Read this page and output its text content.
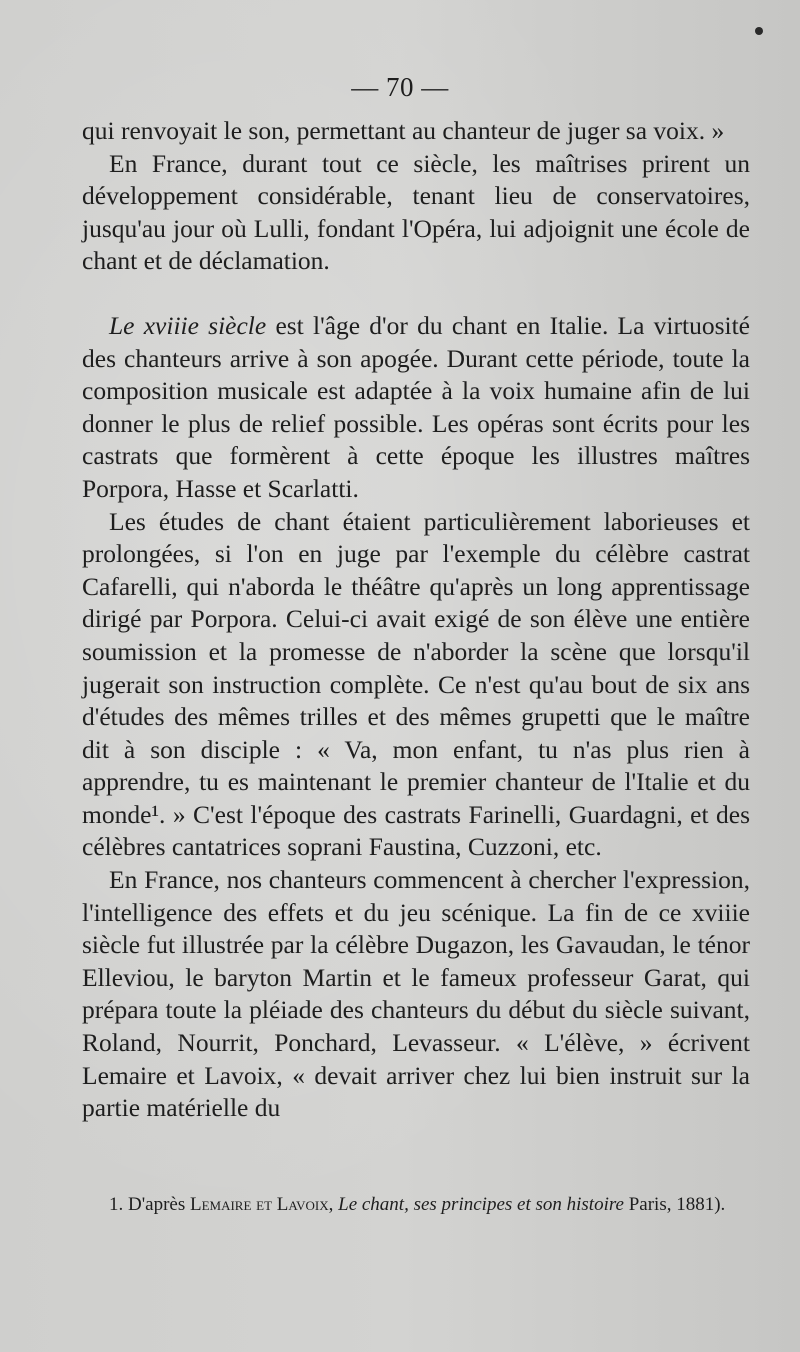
— 70 —

qui renvoyait le son, permettant au chanteur de juger sa voix. »

En France, durant tout ce siècle, les maîtrises prirent un développement considérable, tenant lieu de conservatoires, jusqu'au jour où Lulli, fondant l'Opéra, lui adjoignit une école de chant et de déclamation.

Le xviiie siècle est l'âge d'or du chant en Italie. La virtuosité des chanteurs arrive à son apogée. Durant cette période, toute la composition musicale est adaptée à la voix humaine afin de lui donner le plus de relief possible. Les opéras sont écrits pour les castrats que formèrent à cette époque les illustres maîtres Porpora, Hasse et Scarlatti.

Les études de chant étaient particulièrement laborieuses et prolongées, si l'on en juge par l'exemple du célèbre castrat Cafarelli, qui n'aborda le théâtre qu'après un long apprentissage dirigé par Porpora. Celui-ci avait exigé de son élève une entière soumission et la promesse de n'aborder la scène que lorsqu'il jugerait son instruction complète. Ce n'est qu'au bout de six ans d'études des mêmes trilles et des mêmes grupetti que le maître dit à son disciple : « Va, mon enfant, tu n'as plus rien à apprendre, tu es maintenant le premier chanteur de l'Italie et du monde¹. » C'est l'époque des castrats Farinelli, Guardagni, et des célèbres cantatrices soprani Faustina, Cuzzoni, etc.

En France, nos chanteurs commencent à chercher l'expression, l'intelligence des effets et du jeu scénique. La fin de ce xviiie siècle fut illustrée par la célèbre Dugazon, les Gavaudan, le ténor Elleviou, le baryton Martin et le fameux professeur Garat, qui prépara toute la pléiade des chanteurs du début du siècle suivant, Roland, Nourrit, Ponchard, Levasseur. « L'élève, » écrivent Lemaire et Lavoix, « devait arriver chez lui bien instruit sur la partie matérielle du

1. D'après Lemaire et Lavoix, Le chant, ses principes et son histoire Paris, 1881).
